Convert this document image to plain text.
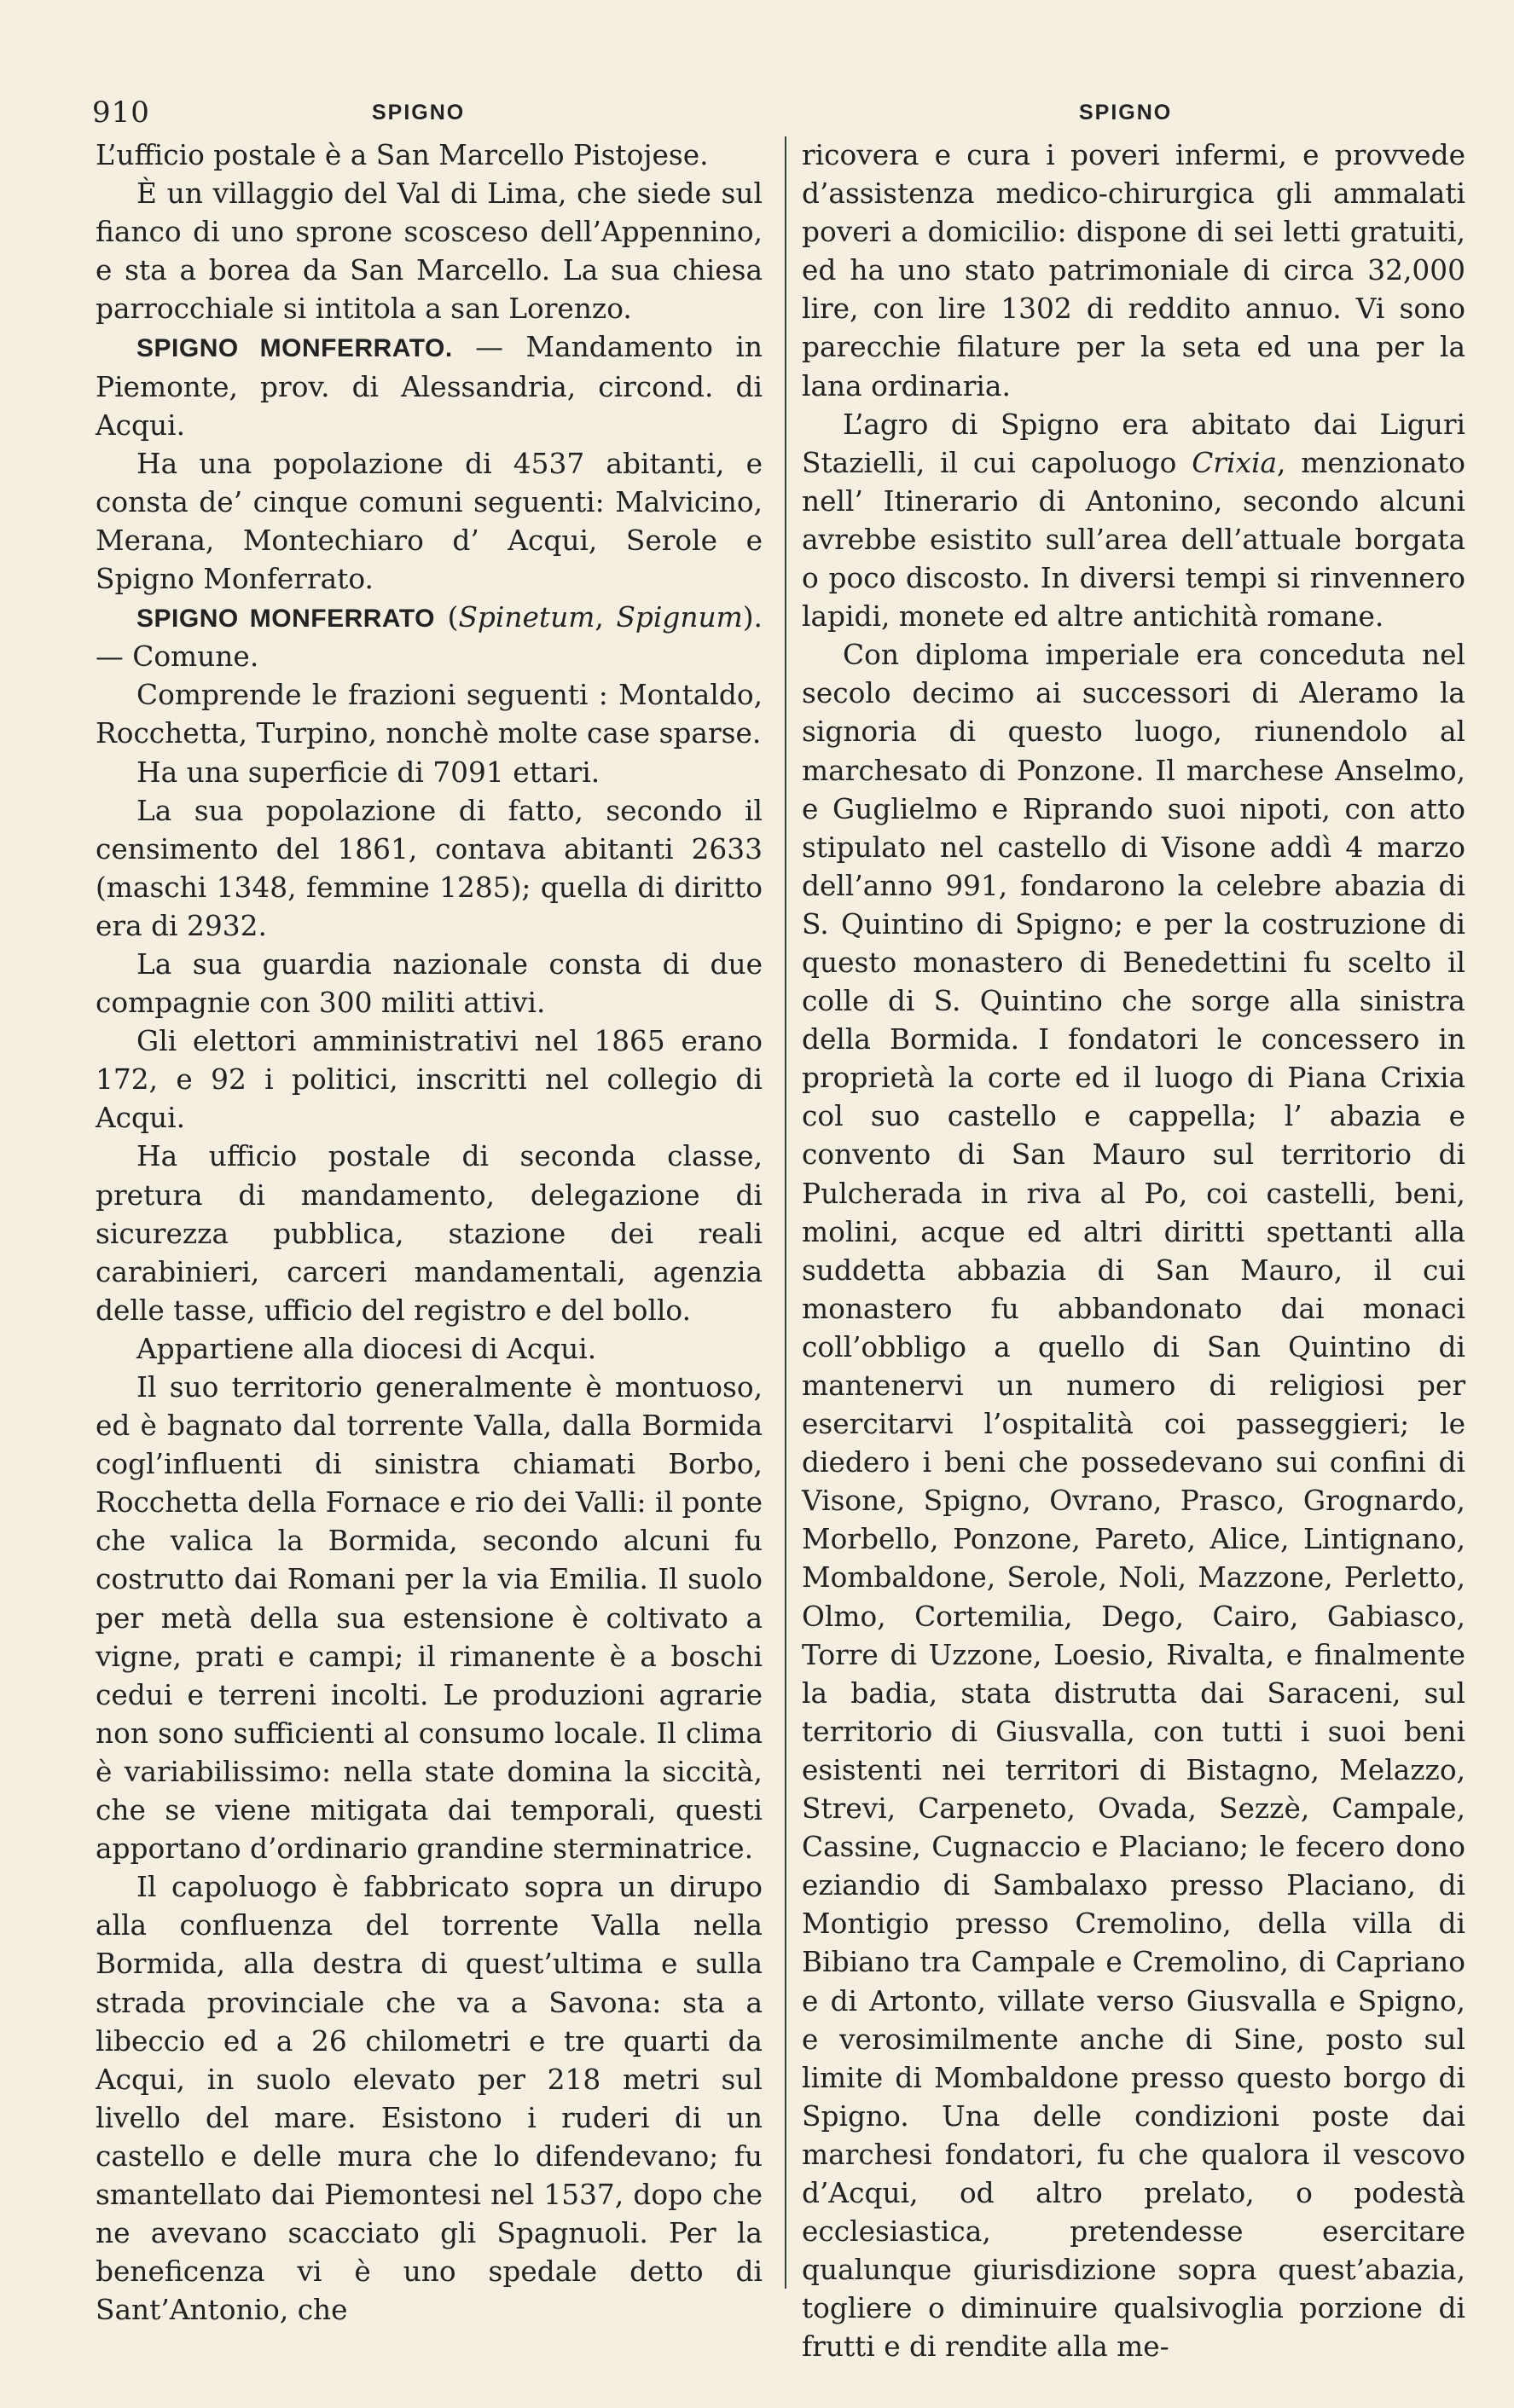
910	SPIGNO	SPIGNO

L’ufficio postale è a San Marcello Pistojese.

È un villaggio del Val di Lima, che siede sul fianco di uno sprone scosceso dell’Appennino, e sta a borea da San Marcello. La sua chiesa parrocchiale si intitola a san Lorenzo.

SPIGNO MONFERRATO. — Mandamento in Piemonte, prov. di Alessandria, circond. di Acqui.

Ha una popolazione di 4537 abitanti, e consta de’ cinque comuni seguenti: Malvicino, Merana, Montechiaro d’ Acqui, Serole e Spigno Monferrato.

SPIGNO MONFERRATO (Spinetum, Spignum). — Comune.

Comprende le frazioni seguenti : Montaldo, Rocchetta, Turpino, nonchè molte case sparse.

Ha una superficie di 7091 ettari.

La sua popolazione di fatto, secondo il censimento del 1861, contava abitanti 2633 (maschi 1348, femmine 1285); quella di diritto era di 2932.

La sua guardia nazionale consta di due compagnie con 300 militi attivi.

Gli elettori amministrativi nel 1865 erano 172, e 92 i politici, inscritti nel collegio di Acqui.

Ha ufficio postale di seconda classe, pretura di mandamento, delegazione di sicurezza pubblica, stazione dei reali carabinieri, carceri mandamentali, agenzia delle tasse, ufficio del registro e del bollo.

Appartiene alla diocesi di Acqui.

Il suo territorio generalmente è montuoso, ed è bagnato dal torrente Valla, dalla Bormida cogl’influenti di sinistra chiamati Borbo, Rocchetta della Fornace e rio dei Valli: il ponte che valica la Bormida, secondo alcuni fu costrutto dai Romani per la via Emilia. Il suolo per metà della sua estensione è coltivato a vigne, prati e campi; il rimanente è a boschi cedui e terreni incolti. Le produzioni agrarie non sono sufficienti al consumo locale. Il clima è variabilissimo: nella state domina la siccità, che se viene mitigata dai temporali, questi apportano d’ordinario grandine sterminatrice.

Il capoluogo è fabbricato sopra un dirupo alla confluenza del torrente Valla nella Bormida, alla destra di quest’ultima e sulla strada provinciale che va a Savona: sta a libeccio ed a 26 chilometri e tre quarti da Acqui, in suolo elevato per 218 metri sul livello del mare. Esistono i ruderi di un castello e delle mura che lo difendevano; fu smantellato dai Piemontesi nel 1537, dopo che ne avevano scacciato gli Spagnuoli. Per la beneficenza vi è uno spedale detto di Sant’Antonio, che

ricovera e cura i poveri infermi, e provvede d’assistenza medico-chirurgica gli ammalati poveri a domicilio: dispone di sei letti gratuiti, ed ha uno stato patrimoniale di circa 32,000 lire, con lire 1302 di reddito annuo. Vi sono parecchie filature per la seta ed una per la lana ordinaria.

L’agro di Spigno era abitato dai Liguri Stazielli, il cui capoluogo Crixia, menzionato nell’ Itinerario di Antonino, secondo alcuni avrebbe esistito sull’area dell’attuale borgata o poco discosto. In diversi tempi si rinvennero lapidi, monete ed altre antichità romane.

Con diploma imperiale era conceduta nel secolo decimo ai successori di Aleramo la signoria di questo luogo, riunendolo al marchesato di Ponzone. Il marchese Anselmo, e Guglielmo e Riprando suoi nipoti, con atto stipulato nel castello di Visone addì 4 marzo dell’anno 991, fondarono la celebre abazia di S. Quintino di Spigno; e per la costruzione di questo monastero di Benedettini fu scelto il colle di S. Quintino che sorge alla sinistra della Bormida. I fondatori le concessero in proprietà la corte ed il luogo di Piana Crixia col suo castello e cappella; l’ abazia e convento di San Mauro sul territorio di Pulcherada in riva al Po, coi castelli, beni, molini, acque ed altri diritti spettanti alla suddetta abbazia di San Mauro, il cui monastero fu abbandonato dai monaci coll’obbligo a quello di San Quintino di mantenervi un numero di religiosi per esercitarvi l’ospitalità coi passeggieri; le diedero i beni che possedevano sui confini di Visone, Spigno, Ovrano, Prasco, Grognardo, Morbello, Ponzone, Pareto, Alice, Lintignano, Mombaldone, Serole, Noli, Mazzone, Perletto, Olmo, Cortemilia, Dego, Cairo, Gabiasco, Torre di Uzzone, Loesio, Rivalta, e finalmente la badia, stata distrutta dai Saraceni, sul territorio di Giusvalla, con tutti i suoi beni esistenti nei territori di Bistagno, Melazzo, Strevi, Carpeneto, Ovada, Sezzè, Campale, Cassine, Cugnaccio e Placiano; le fecero dono eziandio di Sambalaxo presso Placiano, di Montigio presso Cremolino, della villa di Bibiano tra Campale e Cremolino, di Capriano e di Artonto, villate verso Giusvalla e Spigno, e verosimilmente anche di Sine, posto sul limite di Mombaldone presso questo borgo di Spigno. Una delle condizioni poste dai marchesi fondatori, fu che qualora il vescovo d’Acqui, od altro prelato, o podestà ecclesiastica, pretendesse esercitare qualunque giurisdizione sopra quest’abazia, togliere o diminuire qualsivoglia porzione di frutti e di rendite alla me-
